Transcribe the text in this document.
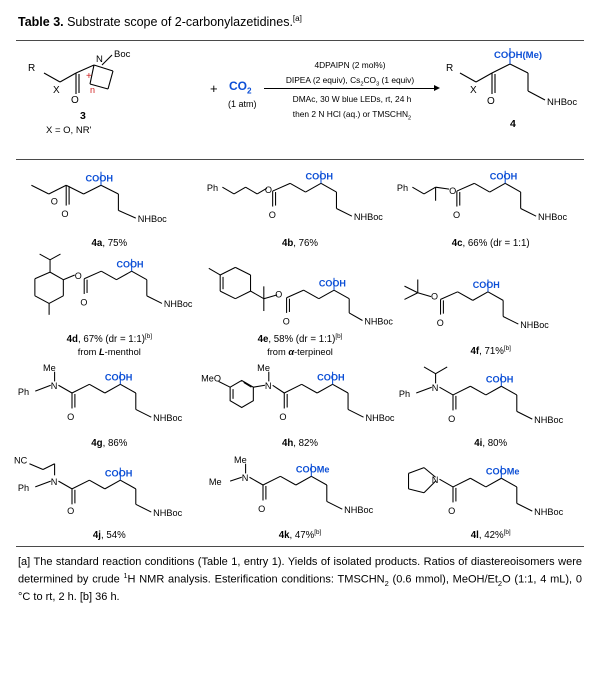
Table 3. Substrate scope of 2-carbonylazetidines.[a]
R
X
O
N Boc
+
n
3
X = O, NR'
+ $CO_2$
(1 atm)
4DPAIPN (2 mol%)
DIPEA (2 equiv), $Cs_2CO_3$ (1 equiv)
DMAc, 30 W blue LEDs, rt, 24 h
then 2 N HCl (aq.) or $TMSCHN_2$
R
X
O
COOH(Me)
NHBoc
4
O
O
COOH
NHBoc
4a, 75%
Ph	O
O
COOH
NHBoc
4b, 76%
Ph	O
O
COOH
NHBoc
4c, 66% (dr = 1:1)
O
O
COOH
NHBoc
4d, 67% (dr = 1:1)[b]
from L-menthol
O
O
COOH
NHBoc
4e, 58% (dr = 1:1)[b]
from α-terpineol
O
O
COOH
NHBoc
4f, 71%[b]
Me
Ph
N
O
COOH
NHBoc
4g, 86%
Me
MeO
N
O
COOH
NHBoc
4h, 82%
Ph
N
O
COOH
NHBoc
4i, 80%
NC
Ph
N
O
COOH
NHBoc
4j, 54%
Me
Me N
O
COOMe
NHBoc
4k, 47%[b]
N
O
COOMe
NHBoc
4l, 42%[b]
[a] The standard reaction conditions (Table 1, entry 1). Yields of isolated products. Ratios of diastereoisomers were determined by crude $^1$H NMR analysis. Esterification conditions: $TMSCHN_2$ (0.6 mmol), MeOH/$Et_2O$ (1:1, 4 mL), 0 °C to rt, 2 h. [b] 36 h.
